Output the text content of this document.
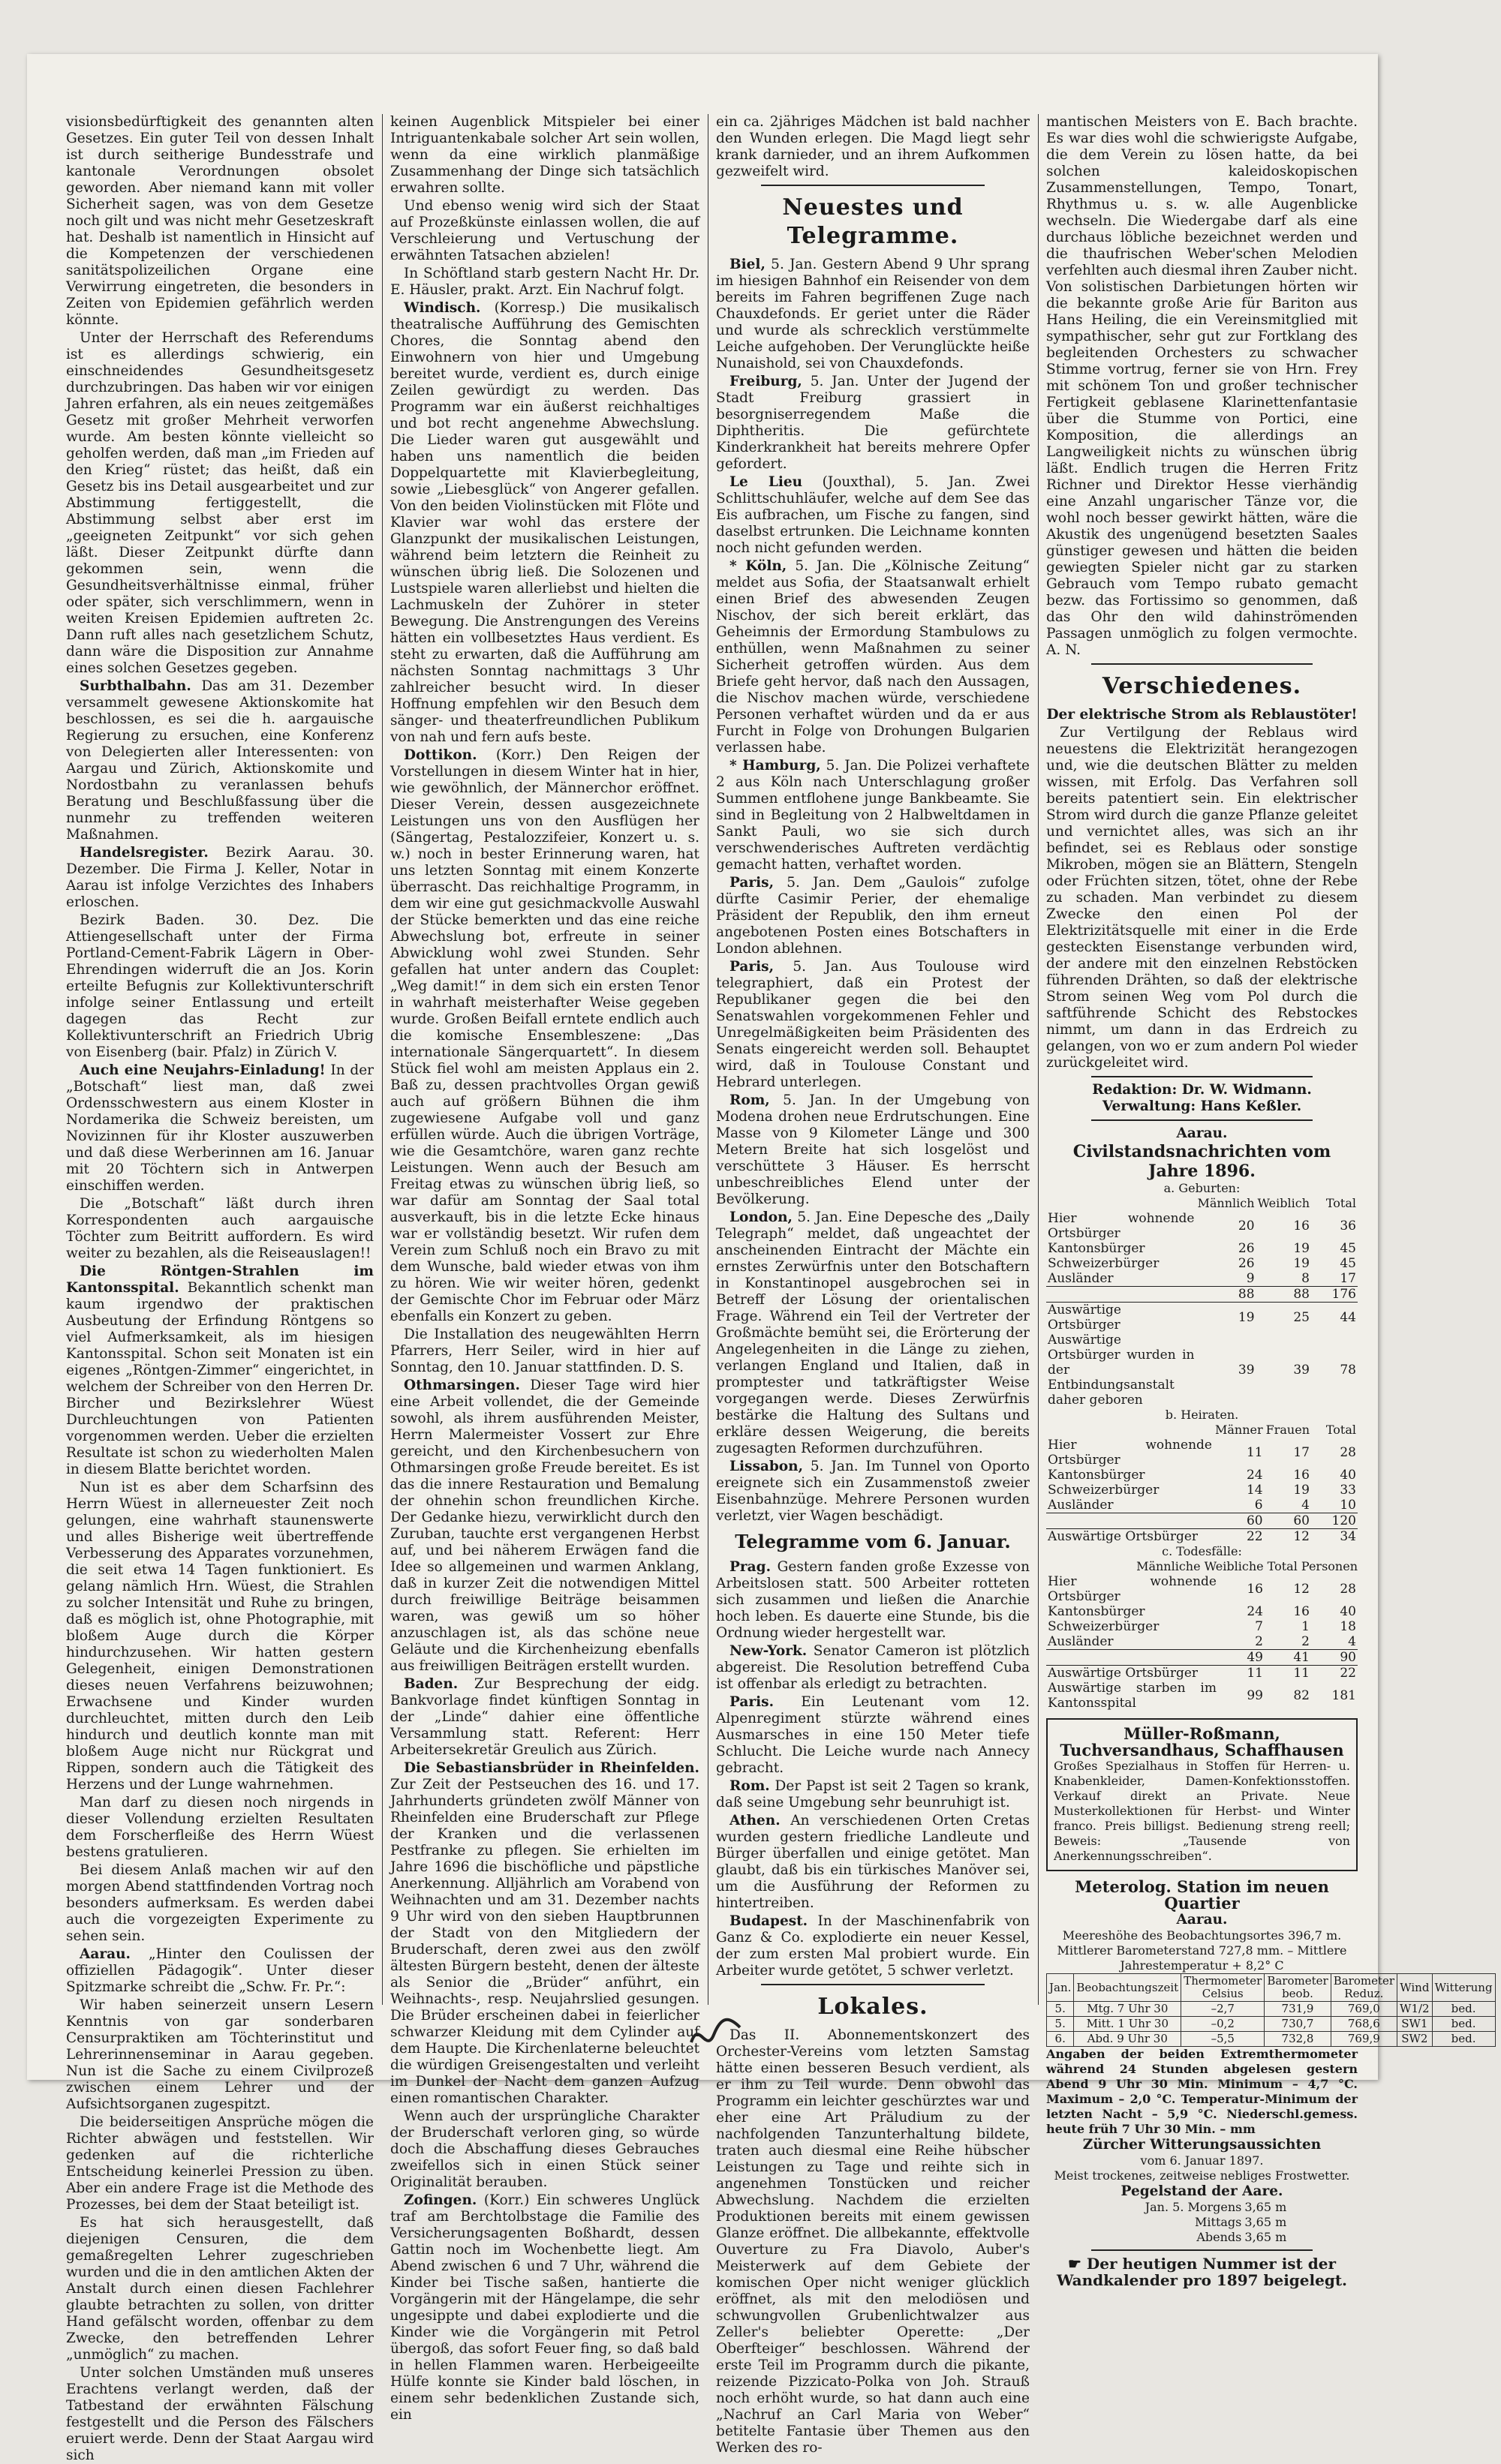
visionsbedürftigkeit des genannten alten Gesetzes. Ein guter Teil von dessen Inhalt ist durch seitherige Bundesstrafe und kantonale Verordnungen obsolet geworden. Aber niemand kann mit voller Sicherheit sagen, was von dem Gesetze noch gilt und was nicht mehr Gesetzeskraft hat. Deshalb ist namentlich in Hinsicht auf die Kompetenzen der verschiedenen sanitätspolizeilichen Organe eine Verwirrung eingetreten, die besonders in Zeiten von Epidemien gefährlich werden könnte.

Unter der Herrschaft des Referendums ist es allerdings schwierig, ein einschneidendes Gesundheitsgesetz durchzubringen. Das haben wir vor einigen Jahren erfahren, als ein neues zeitgemäßes Gesetz mit großer Mehrheit verworfen wurde. Am besten könnte vielleicht so geholfen werden, daß man „im Frieden auf den Krieg“ rüstet; das heißt, daß ein Gesetz bis ins Detail ausgearbeitet und zur Abstimmung fertiggestellt, die Abstimmung selbst aber erst im „geeigneten Zeitpunkt“ vor sich gehen läßt. Dieser Zeitpunkt dürfte dann gekommen sein, wenn die Gesundheitsverhältnisse einmal, früher oder später, sich verschlimmern, wenn in weiten Kreisen Epidemien auftreten 2c. Dann ruft alles nach gesetzlichem Schutz, dann wäre die Disposition zur Annahme eines solchen Gesetzes gegeben.

Surbthalbahn. Das am 31. Dezember versammelt gewesene Aktionskomite hat beschlossen, es sei die h. aargauische Regierung zu ersuchen, eine Konferenz von Delegierten aller Interessenten: von Aargau und Zürich, Aktionskomite und Nordostbahn zu veranlassen behufs Beratung und Beschlußfassung über die nunmehr zu treffenden weiteren Maßnahmen.

Handelsregister. Bezirk Aarau. 30. Dezember. Die Firma J. Keller, Notar in Aarau ist infolge Verzichtes des Inhabers erloschen.

Bezirk Baden. 30. Dez. Die Attiengesellschaft unter der Firma Portland-Cement-Fabrik Lägern in Ober-Ehrendingen widerruft die an Jos. Korin erteilte Befugnis zur Kollektivunterschrift infolge seiner Entlassung und erteilt dagegen das Recht zur Kollektivunterschrift an Friedrich Ubrig von Eisenberg (bair. Pfalz) in Zürich V.

Auch eine Neujahrs-Einladung! In der „Botschaft“ liest man, daß zwei Ordensschwestern aus einem Kloster in Nordamerika die Schweiz bereisten, um Novizinnen für ihr Kloster auszuwerben und daß diese Werberinnen am 16. Januar mit 20 Töchtern sich in Antwerpen einschiffen werden.

Die „Botschaft“ läßt durch ihren Korrespondenten auch aargauische Töchter zum Beitritt auffordern. Es wird weiter zu bezahlen, als die Reiseauslagen!!

Die Röntgen-Strahlen im Kantonsspital. Bekanntlich schenkt man kaum irgendwo der praktischen Ausbeutung der Erfindung Röntgens so viel Aufmerksamkeit, als im hiesigen Kantonsspital. Schon seit Monaten ist ein eigenes „Röntgen-Zimmer“ eingerichtet, in welchem der Schreiber von den Herren Dr. Bircher und Bezirkslehrer Wüest Durchleuchtungen von Patienten vorgenommen werden. Ueber die erzielten Resultate ist schon zu wiederholten Malen in diesem Blatte berichtet worden.

Nun ist es aber dem Scharfsinn des Herrn Wüest in allerneuester Zeit noch gelungen, eine wahrhaft staunenswerte und alles Bisherige weit übertreffende Verbesserung des Apparates vorzunehmen, die seit etwa 14 Tagen funktioniert. Es gelang nämlich Hrn. Wüest, die Strahlen zu solcher Intensität und Ruhe zu bringen, daß es möglich ist, ohne Photographie, mit bloßem Auge durch die Körper hindurchzusehen. Wir hatten gestern Gelegenheit, einigen Demonstrationen dieses neuen Verfahrens beizuwohnen; Erwachsene und Kinder wurden durchleuchtet, mitten durch den Leib hindurch und deutlich konnte man mit bloßem Auge nicht nur Rückgrat und Rippen, sondern auch die Tätigkeit des Herzens und der Lunge wahrnehmen.

Man darf zu diesen noch nirgends in dieser Vollendung erzielten Resultaten dem Forscherfleiße des Herrn Wüest bestens gratulieren.

Bei diesem Anlaß machen wir auf den morgen Abend stattfindenden Vortrag noch besonders aufmerksam. Es werden dabei auch die vorgezeigten Experimente zu sehen sein.

Aarau. „Hinter den Coulissen der offiziellen Pädagogik“. Unter dieser Spitzmarke schreibt die „Schw. Fr. Pr.“:

Wir haben seinerzeit unsern Lesern Kenntnis von gar sonderbaren Censurpraktiken am Töchterinstitut und Lehrerinnenseminar in Aarau gegeben. Nun ist die Sache zu einem Civilprozeß zwischen einem Lehrer und der Aufsichtsorganen zugespitzt.

Die beiderseitigen Ansprüche mögen die Richter abwägen und feststellen. Wir gedenken auf die richterliche Entscheidung keinerlei Pression zu üben. Aber ein andere Frage ist die Methode des Prozesses, bei dem der Staat beteiligt ist.

Es hat sich herausgestellt, daß diejenigen Censuren, die dem gemaßregelten Lehrer zugeschrieben wurden und die in den amtlichen Akten der Anstalt durch einen diesen Fachlehrer glaubte betrachten zu sollen, von dritter Hand gefälscht worden, offenbar zu dem Zwecke, den betreffenden Lehrer „unmöglich“ zu machen.

Unter solchen Umständen muß unseres Erachtens verlangt werden, daß der Tatbestand der erwähnten Fälschung festgestellt und die Person des Fälschers eruiert werde. Denn der Staat Aargau wird sich

keinen Augenblick Mitspieler bei einer Intriguantenkabale solcher Art sein wollen, wenn da eine wirklich planmäßige Zusammenhang der Dinge sich tatsächlich erwahren sollte.

Und ebenso wenig wird sich der Staat auf Prozeßkünste einlassen wollen, die auf Verschleierung und Vertuschung der erwähnten Tatsachen abzielen!

In Schöftland starb gestern Nacht Hr. Dr. E. Häusler, prakt. Arzt. Ein Nachruf folgt.

Windisch. (Korresp.) Die musikalisch theatralische Aufführung des Gemischten Chores, die Sonntag abend den Einwohnern von hier und Umgebung bereitet wurde, verdient es, durch einige Zeilen gewürdigt zu werden. Das Programm war ein äußerst reichhaltiges und bot recht angenehme Abwechslung. Die Lieder waren gut ausgewählt und haben uns namentlich die beiden Doppelquartette mit Klavierbegleitung, sowie „Liebesglück“ von Angerer gefallen. Von den beiden Violinstücken mit Flöte und Klavier war wohl das erstere der Glanzpunkt der musikalischen Leistungen, während beim letztern die Reinheit zu wünschen übrig ließ. Die Solozenen und Lustspiele waren allerliebst und hielten die Lachmuskeln der Zuhörer in steter Bewegung. Die Anstrengungen des Vereins hätten ein vollbesetztes Haus verdient. Es steht zu erwarten, daß die Aufführung am nächsten Sonntag nachmittags 3 Uhr zahlreicher besucht wird. In dieser Hoffnung empfehlen wir den Besuch dem sänger- und theaterfreundlichen Publikum von nah und fern aufs beste.

Dottikon. (Korr.) Den Reigen der Vorstellungen in diesem Winter hat in hier, wie gewöhnlich, der Männerchor eröffnet. Dieser Verein, dessen ausgezeichnete Leistungen uns von den Ausflügen her (Sängertag, Pestalozzifeier, Konzert u. s. w.) noch in bester Erinnerung waren, hat uns letzten Sonntag mit einem Konzerte überrascht. Das reichhaltige Programm, in dem wir eine gut gesichmackvolle Auswahl der Stücke bemerkten und das eine reiche Abwechslung bot, erfreute in seiner Abwicklung wohl zwei Stunden. Sehr gefallen hat unter andern das Couplet: „Weg damit!“ in dem sich ein ersten Tenor in wahrhaft meisterhafter Weise gegeben wurde. Großen Beifall erntete endlich auch die komische Ensembleszene: „Das internationale Sängerquartett“. In diesem Stück fiel wohl am meisten Applaus ein 2. Baß zu, dessen prachtvolles Organ gewiß auch auf größern Bühnen die ihm zugewiesene Aufgabe voll und ganz erfüllen würde. Auch die übrigen Vorträge, wie die Gesamtchöre, waren ganz rechte Leistungen. Wenn auch der Besuch am Freitag etwas zu wünschen übrig ließ, so war dafür am Sonntag der Saal total ausverkauft, bis in die letzte Ecke hinaus war er vollständig besetzt. Wir rufen dem Verein zum Schluß noch ein Bravo zu mit dem Wunsche, bald wieder etwas von ihm zu hören. Wie wir weiter hören, gedenkt der Gemischte Chor im Februar oder März ebenfalls ein Konzert zu geben.

Die Installation des neugewählten Herrn Pfarrers, Herr Seiler, wird in hier auf Sonntag, den 10. Januar stattfinden. D. S.

Othmarsingen. Dieser Tage wird hier eine Arbeit vollendet, die der Gemeinde sowohl, als ihrem ausführenden Meister, Herrn Malermeister Vossert zur Ehre gereicht, und den Kirchenbesuchern von Othmarsingen große Freude bereitet. Es ist das die innere Restauration und Bemalung der ohnehin schon freundlichen Kirche. Der Gedanke hiezu, verwirklicht durch den Zuruban, tauchte erst vergangenen Herbst auf, und bei näherem Erwägen fand die Idee so allgemeinen und warmen Anklang, daß in kurzer Zeit die notwendigen Mittel durch freiwillige Beiträge beisammen waren, was gewiß um so höher anzuschlagen ist, als das schöne neue Geläute und die Kirchenheizung ebenfalls aus freiwilligen Beiträgen erstellt wurden.

Baden. Zur Besprechung der eidg. Bankvorlage findet künftigen Sonntag in der „Linde“ dahier eine öffentliche Versammlung statt. Referent: Herr Arbeitersekretär Greulich aus Zürich.

Die Sebastiansbrüder in Rheinfelden. Zur Zeit der Pestseuchen des 16. und 17. Jahrhunderts gründeten zwölf Männer von Rheinfelden eine Bruderschaft zur Pflege der Kranken und die verlassenen Pestfranke zu pflegen. Sie erhielten im Jahre 1696 die bischöfliche und päpstliche Anerkennung. Alljährlich am Vorabend von Weihnachten und am 31. Dezember nachts 9 Uhr wird von den sieben Hauptbrunnen der Stadt von den Mitgliedern der Bruderschaft, deren zwei aus den zwölf ältesten Bürgern besteht, denen der älteste als Senior die „Brüder“ anführt, ein Weihnachts-, resp. Neujahrslied gesungen. Die Brüder erscheinen dabei in feierlicher schwarzer Kleidung mit dem Cylinder auf dem Haupte. Die Kirchenlaterne beleuchtet die würdigen Greisengestalten und verleiht im Dunkel der Nacht dem ganzen Aufzug einen romantischen Charakter.

Wenn auch der ursprüngliche Charakter der Bruderschaft verloren ging, so würde doch die Abschaffung dieses Gebrauches zweifellos sich in einen Stück seiner Originalität berauben.

Zofingen. (Korr.) Ein schweres Unglück traf am Berchtolbstage die Familie des Versicherungsagenten Boßhardt, dessen Gattin noch im Wochenbette liegt. Am Abend zwischen 6 und 7 Uhr, während die Kinder bei Tische saßen, hantierte die Vorgängerin mit der Hängelampe, die sehr ungesippte und dabei explodierte und die Kinder wie die Vorgängerin mit Petrol übergoß, das sofort Feuer fing, so daß bald in hellen Flammen waren. Herbeigeeilte Hülfe konnte sie Kinder bald löschen, in einem sehr bedenklichen Zustande sich, ein

ein ca. 2jähriges Mädchen ist bald nachher den Wunden erlegen. Die Magd liegt sehr krank darnieder, und an ihrem Aufkommen gezweifelt wird.

Neuestes und Telegramme.

Biel, 5. Jan. Gestern Abend 9 Uhr sprang im hiesigen Bahnhof ein Reisender von dem bereits im Fahren begriffenen Zuge nach Chauxdefonds. Er geriet unter die Räder und wurde als schrecklich verstümmelte Leiche aufgehoben. Der Verunglückte heiße Nunaishold, sei von Chauxdefonds.

Freiburg, 5. Jan. Unter der Jugend der Stadt Freiburg grassiert in besorgniserregendem Maße die Diphtheritis. Die gefürchtete Kinderkrankheit hat bereits mehrere Opfer gefordert.

Le Lieu (Jouxthal), 5. Jan. Zwei Schlittschuhläufer, welche auf dem See das Eis aufbrachen, um Fische zu fangen, sind daselbst ertrunken. Die Leichname konnten noch nicht gefunden werden.

* Köln, 5. Jan. Die „Kölnische Zeitung“ meldet aus Sofia, der Staatsanwalt erhielt einen Brief des abwesenden Zeugen Nischov, der sich bereit erklärt, das Geheimnis der Ermordung Stambulows zu enthüllen, wenn Maßnahmen zu seiner Sicherheit getroffen würden. Aus dem Briefe geht hervor, daß nach den Aussagen, die Nischov machen würde, verschiedene Personen verhaftet würden und da er aus Furcht in Folge von Drohungen Bulgarien verlassen habe.

* Hamburg, 5. Jan. Die Polizei verhaftete 2 aus Köln nach Unterschlagung großer Summen entflohene junge Bankbeamte. Sie sind in Begleitung von 2 Halbweltdamen in Sankt Pauli, wo sie sich durch verschwenderisches Auftreten verdächtig gemacht hatten, verhaftet worden.

Paris, 5. Jan. Dem „Gaulois“ zufolge dürfte Casimir Perier, der ehemalige Präsident der Republik, den ihm erneut angebotenen Posten eines Botschafters in London ablehnen.

Paris, 5. Jan. Aus Toulouse wird telegraphiert, daß ein Protest der Republikaner gegen die bei den Senatswahlen vorgekommenen Fehler und Unregelmäßigkeiten beim Präsidenten des Senats eingereicht werden soll. Behauptet wird, daß in Toulouse Constant und Hebrard unterlegen.

Rom, 5. Jan. In der Umgebung von Modena drohen neue Erdrutschungen. Eine Masse von 9 Kilometer Länge und 300 Metern Breite hat sich losgelöst und verschüttete 3 Häuser. Es herrscht unbeschreibliches Elend unter der Bevölkerung.

London, 5. Jan. Eine Depesche des „Daily Telegraph“ meldet, daß ungeachtet der anscheinenden Eintracht der Mächte ein ernstes Zerwürfnis unter den Botschaftern in Konstantinopel ausgebrochen sei in Betreff der Lösung der orientalischen Frage. Während ein Teil der Vertreter der Großmächte bemüht sei, die Erörterung der Angelegenheiten in die Länge zu ziehen, verlangen England und Italien, daß in promptester und tatkräftigster Weise vorgegangen werde. Dieses Zerwürfnis bestärke die Haltung des Sultans und erkläre dessen Weigerung, die bereits zugesagten Reformen durchzuführen.

Lissabon, 5. Jan. Im Tunnel von Oporto ereignete sich ein Zusammenstoß zweier Eisenbahnzüge. Mehrere Personen wurden verletzt, vier Wagen beschädigt.

Telegramme vom 6. Januar.

Prag. Gestern fanden große Exzesse von Arbeitslosen statt. 500 Arbeiter rotteten sich zusammen und ließen die Anarchie hoch leben. Es dauerte eine Stunde, bis die Ordnung wieder hergestellt war.

New-York. Senator Cameron ist plötzlich abgereist. Die Resolution betreffend Cuba ist offenbar als erledigt zu betrachten.

Paris. Ein Leutenant vom 12. Alpenregiment stürzte während eines Ausmarsches in eine 150 Meter tiefe Schlucht. Die Leiche wurde nach Annecy gebracht.

Rom. Der Papst ist seit 2 Tagen so krank, daß seine Umgebung sehr beunruhigt ist.

Athen. An verschiedenen Orten Cretas wurden gestern friedliche Landleute und Bürger überfallen und einige getötet. Man glaubt, daß bis ein türkisches Manöver sei, um die Ausführung der Reformen zu hintertreiben.

Budapest. In der Maschinenfabrik von Ganz & Co. explodierte ein neuer Kessel, der zum ersten Mal probiert wurde. Ein Arbeiter wurde getötet, 5 schwer verletzt.

Lokales.

Das II. Abonnementskonzert des Orchester-Vereins vom letzten Samstag hätte einen besseren Besuch verdient, als er ihm zu Teil wurde. Denn obwohl das Programm ein leichter geschürztes war und eher eine Art Präludium zu der nachfolgenden Tanzunterhaltung bildete, traten auch diesmal eine Reihe hübscher Leistungen zu Tage und reihte sich in angenehmen Tonstücken und reicher Abwechslung. Nachdem die erzielten Produktionen bereits mit einem gewissen Glanze eröffnet. Die allbekannte, effektvolle Ouverture zu Fra Diavolo, Auber's Meisterwerk auf dem Gebiete der komischen Oper nicht weniger glücklich eröffnet, als mit den melodiösen und schwungvollen Grubenlichtwalzer aus Zeller's beliebter Operette: „Der Oberfteiger“ beschlossen. Während der erste Teil im Programm durch die pikante, reizende Pizzicato-Polka von Joh. Strauß noch erhöht wurde, so hat dann auch eine „Nachruf an Carl Maria von Weber“ betitelte Fantasie über Themen aus den Werken des ro-

mantischen Meisters von E. Bach brachte. Es war dies wohl die schwierigste Aufgabe, die dem Verein zu lösen hatte, da bei solchen kaleidoskopischen Zusammenstellungen, Tempo, Tonart, Rhythmus u. s. w. alle Augenblicke wechseln. Die Wiedergabe darf als eine durchaus löbliche bezeichnet werden und die thaufrischen Weber'schen Melodien verfehlten auch diesmal ihren Zauber nicht. Von solistischen Darbietungen hörten wir die bekannte große Arie für Bariton aus Hans Heiling, die ein Vereinsmitglied mit sympathischer, sehr gut zur Fortklang des begleitenden Orchesters zu schwacher Stimme vortrug, ferner sie von Hrn. Frey mit schönem Ton und großer technischer Fertigkeit geblasene Klarinettenfantasie über die Stumme von Portici, eine Komposition, die allerdings an Langweiligkeit nichts zu wünschen übrig läßt. Endlich trugen die Herren Fritz Richner und Direktor Hesse vierhändig eine Anzahl ungarischer Tänze vor, die wohl noch besser gewirkt hätten, wäre die Akustik des ungenügend besetzten Saales günstiger gewesen und hätten die beiden gewiegten Spieler nicht gar zu starken Gebrauch vom Tempo rubato gemacht bezw. das Fortissimo so genommen, daß das Ohr den wild dahinströmenden Passagen unmöglich zu folgen vermochte. A. N.

Verschiedenes.

Der elektrische Strom als Reblaustöter!

Zur Vertilgung der Reblaus wird neuestens die Elektrizität herangezogen und, wie die deutschen Blätter zu melden wissen, mit Erfolg. Das Verfahren soll bereits patentiert sein. Ein elektrischer Strom wird durch die ganze Pflanze geleitet und vernichtet alles, was sich an ihr befindet, sei es Reblaus oder sonstige Mikroben, mögen sie an Blättern, Stengeln oder Früchten sitzen, tötet, ohne der Rebe zu schaden. Man verbindet zu diesem Zwecke den einen Pol der Elektrizitätsquelle mit einer in die Erde gesteckten Eisenstange verbunden wird, der andere mit den einzelnen Rebstöcken führenden Drähten, so daß der elektrische Strom seinen Weg vom Pol durch die saftführende Schicht des Rebstockes nimmt, um dann in das Erdreich zu gelangen, von wo er zum andern Pol wieder zurückgeleitet wird.

Redaktion: Dr. W. Widmann.
Verwaltung: Hans Keßler.
Aarau.
Civilstandsnachrichten vom Jahre 1896.
a. Geburten:
	Männlich	Weiblich	Total
Hier wohnende Ortsbürger	20	16	36
Kantonsbürger	26	19	45
Schweizerbürger	26	19	45
Ausländer	9	8	17
	88	88	176
Auswärtige Ortsbürger	19	25	44
Auswärtige Ortsbürger wurden in der Entbindungsanstalt daher geboren	39	39	78
b. Heiraten.
	Männer	Frauen	Total
Hier wohnende Ortsbürger	11	17	28
Kantonsbürger	24	16	40
Schweizerbürger	14	19	33
Ausländer	6	4	10
	60	60	120
Auswärtige Ortsbürger	22	12	34
c. Todesfälle:
Männliche Weibliche Total Personen
Hier wohnende Ortsbürger	16	12	28
Kantonsbürger	24	16	40
Schweizerbürger	7	1	18
Ausländer	2	2	4
	49	41	90
Auswärtige Ortsbürger	11	11	22
Auswärtige starben im Kantonsspital	99	82	181
Müller-Roßmann, Tuchversandhaus, Schaffhausen
Großes Spezialhaus in Stoffen für Herren- u. Knabenkleider, Damen-Konfektionsstoffen. Verkauf direkt an Private. Neue Musterkollektionen für Herbst- und Winter franco. Preis billigst. Bedienung streng reell; Beweis: „Tausende von Anerkennungsschreiben“.
Meterolog. Station im neuen Quartier
Aarau.
Meereshöhe des Beobachtungsortes 396,7 m. Mittlerer Barometerstand 727,8 mm. – Mittlere Jahrestemperatur + 8,2° C
Jan.	Beobachtungszeit	Thermometer Celsius	Barometer beob.	Barometer Reduz.	Wind	Witterung
5.	Mtg. 7 Uhr 30	–2,7	731,9	769,0	W1/2	bed.
5.	Mitt. 1 Uhr 30	–0,2	730,7	768,6	SW1	bed.
6.	Abd. 9 Uhr 30	–5,5	732,8	769,9	SW2	bed.
Angaben der beiden Extremthermometer während 24 Stunden abgelesen gestern Abend 9 Uhr 30 Min. Minimum – 4,7 °C. Maximum – 2,0 °C. Temperatur-Minimum der letzten Nacht – 5,9 °C. Niederschl.gemess. heute früh 7 Uhr 30 Min. – mm
Zürcher Witterungsaussichten
vom 6. Januar 1897.
Meist trockenes, zeitweise nebliges Frostwetter.
Pegelstand der Aare.
Jan. 5. Morgens	3,65 m
Mittags	3,65 m
Abends	3,65 m
☛ Der heutigen Nummer ist der Wandkalender pro 1897 beigelegt.
